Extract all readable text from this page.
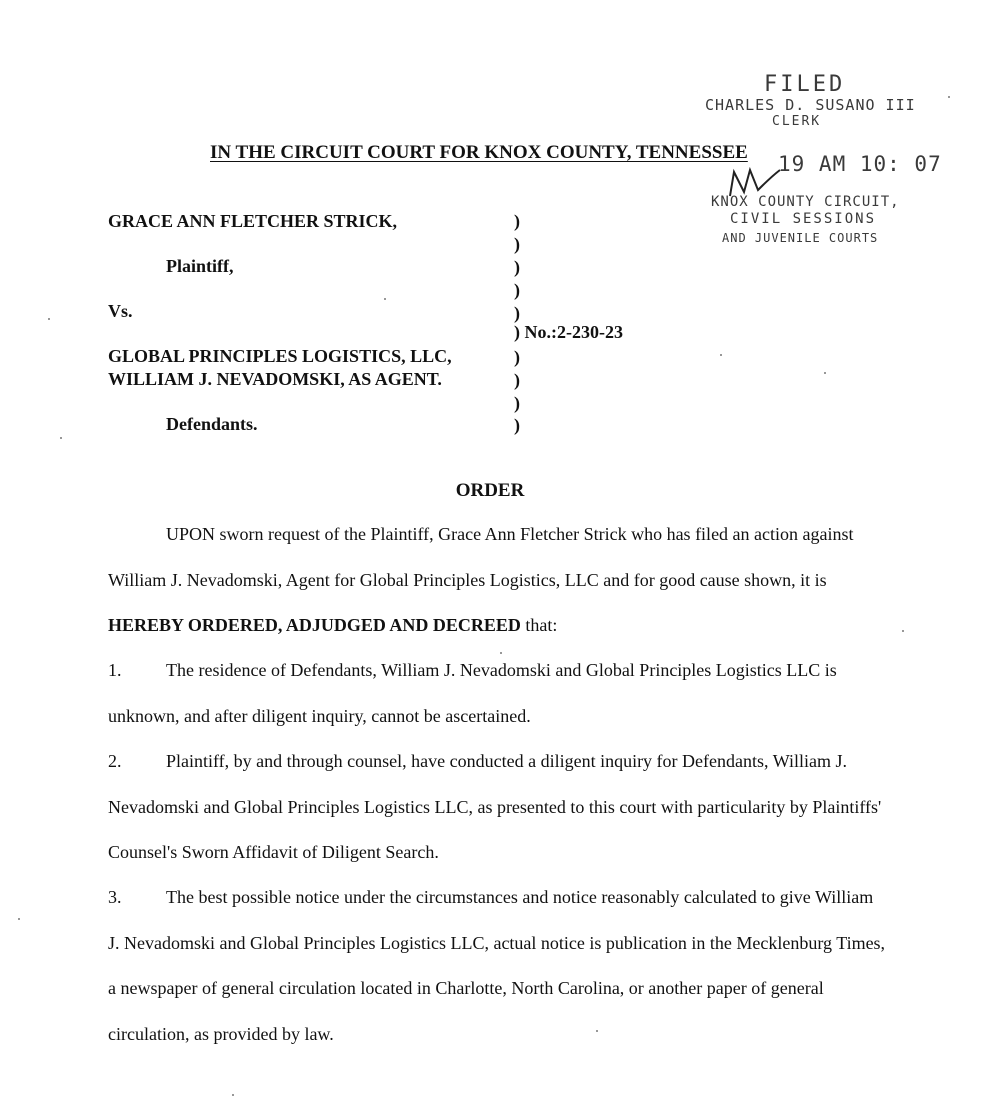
FILED
CHARLES D. SUSANO III
CLERK
19 AM 10: 07
KNOX COUNTY CIRCUIT,
CIVIL SESSIONS
AND JUVENILE COURTS
IN THE CIRCUIT COURT FOR KNOX COUNTY, TENNESSEE
GRACE ANN FLETCHER STRICK,
Plaintiff,
Vs.
GLOBAL PRINCIPLES LOGISTICS, LLC,
WILLIAM J. NEVADOMSKI, AS AGENT.
Defendants.
)
)
)
)
)
) No.:2-230-23
)
)
)
)
ORDER
UPON sworn request of the Plaintiff, Grace Ann Fletcher Strick who has filed an action against William J. Nevadomski, Agent for Global Principles Logistics, LLC and for good cause shown, it is HEREBY ORDERED, ADJUDGED AND DECREED that:
1. The residence of Defendants, William J. Nevadomski and Global Principles Logistics LLC is unknown, and after diligent inquiry, cannot be ascertained.
2. Plaintiff, by and through counsel, have conducted a diligent inquiry for Defendants, William J. Nevadomski and Global Principles Logistics LLC, as presented to this court with particularity by Plaintiffs' Counsel's Sworn Affidavit of Diligent Search.
3. The best possible notice under the circumstances and notice reasonably calculated to give William J. Nevadomski and Global Principles Logistics LLC, actual notice is publication in the Mecklenburg Times, a newspaper of general circulation located in Charlotte, North Carolina, or another paper of general circulation, as provided by law.
